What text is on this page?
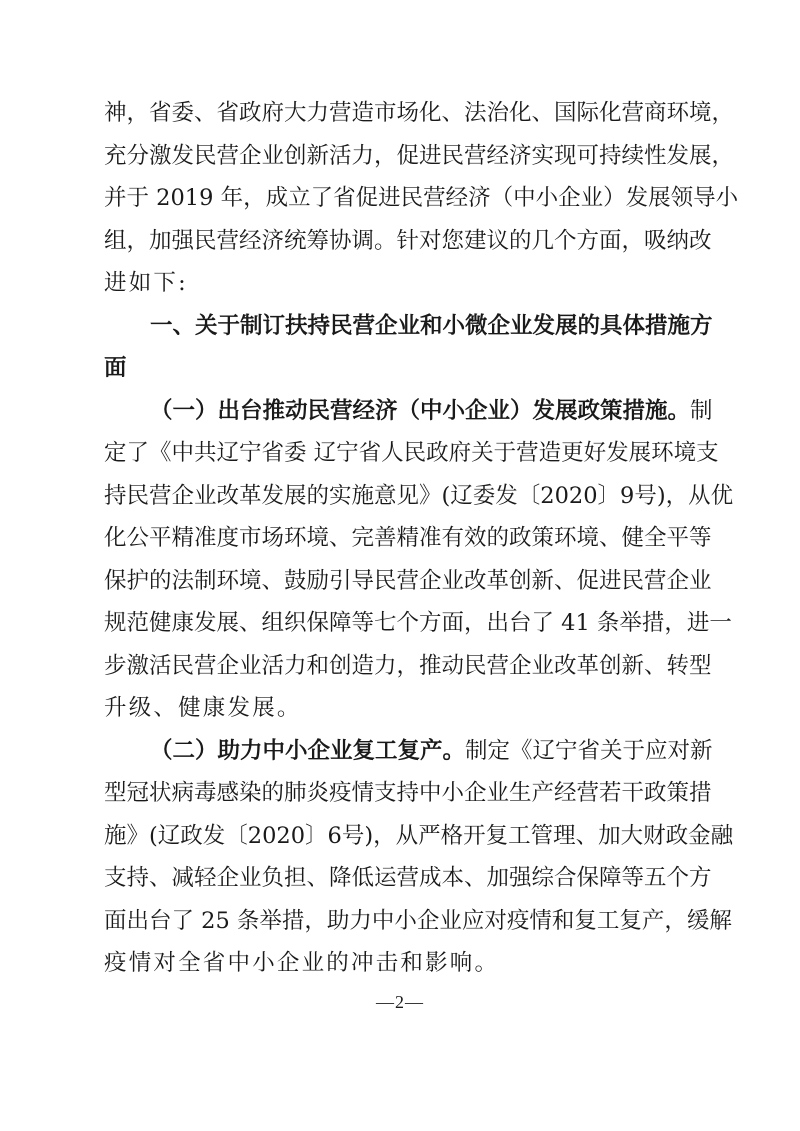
神，省委、省政府大力营造市场化、法治化、国际化营商环境，
充分激发民营企业创新活力，促进民营经济实现可持续性发展，
并于 2019 年，成立了省促进民营经济（中小企业）发展领导小
组，加强民营经济统筹协调。针对您建议的几个方面，吸纳改
进如下:
一、关于制订扶持民营企业和小微企业发展的具体措施方
面
（一）出台推动民营经济（中小企业）发展政策措施。制
定了《中共辽宁省委 辽宁省人民政府关于营造更好发展环境支
持民营企业改革发展的实施意见》(辽委发〔2020〕9号)，从优
化公平精准度市场环境、完善精准有效的政策环境、健全平等
保护的法制环境、鼓励引导民营企业改革创新、促进民营企业
规范健康发展、组织保障等七个方面，出台了 41 条举措，进一
步激活民营企业活力和创造力，推动民营企业改革创新、转型
升级、健康发展。
（二）助力中小企业复工复产。制定《辽宁省关于应对新
型冠状病毒感染的肺炎疫情支持中小企业生产经营若干政策措
施》(辽政发〔2020〕6号)，从严格开复工管理、加大财政金融
支持、减轻企业负担、降低运营成本、加强综合保障等五个方
面出台了 25 条举措，助力中小企业应对疫情和复工复产，缓解
疫情对全省中小企业的冲击和影响。
—2—
